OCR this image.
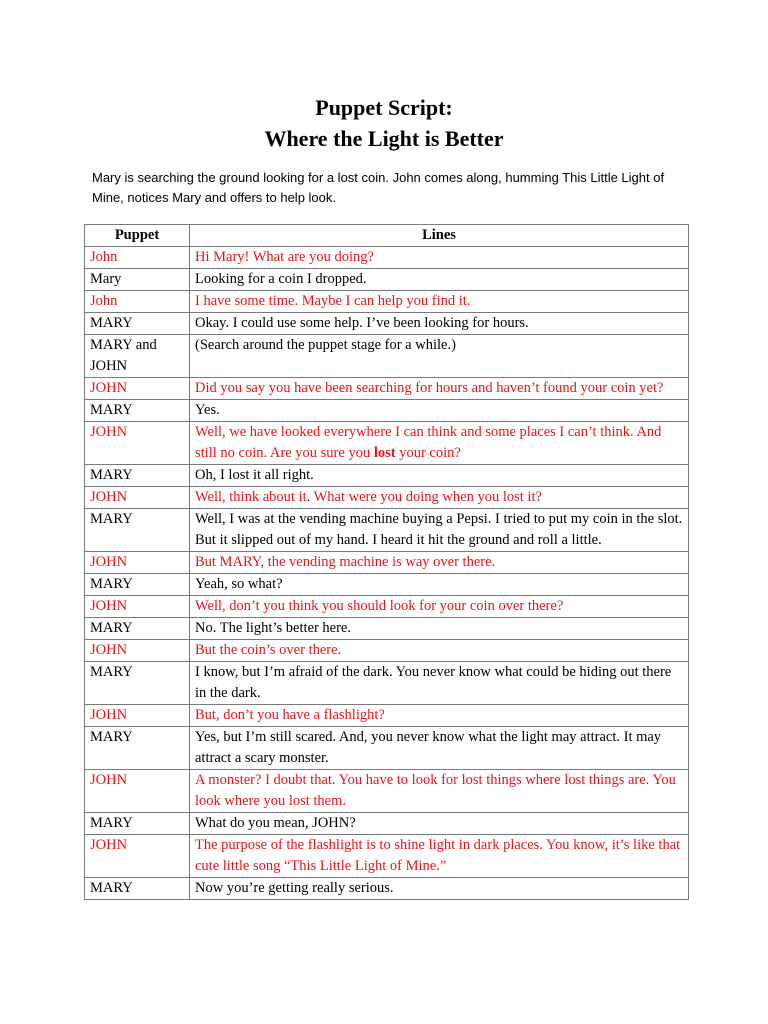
Puppet Script:
Where the Light is Better
Mary is searching the ground looking for a lost coin. John comes along, humming This Little Light of Mine, notices Mary and offers to help look.
Puppet	Lines
John	Hi Mary! What are you doing?
Mary	Looking for a coin I dropped.
John	I have some time. Maybe I can help you find it.
MARY	Okay. I could use some help. I’ve been looking for hours.
MARY and JOHN	(Search around the puppet stage for a while.)
JOHN	Did you say you have been searching for hours and haven’t found your coin yet?
MARY	Yes.
JOHN	Well, we have looked everywhere I can think and some places I can’t think. And still no coin. Are you sure you lost your coin?
MARY	Oh, I lost it all right.
JOHN	Well, think about it. What were you doing when you lost it?
MARY	Well, I was at the vending machine buying a Pepsi. I tried to put my coin in the slot. But it slipped out of my hand. I heard it hit the ground and roll a little.
JOHN	But MARY, the vending machine is way over there.
MARY	Yeah, so what?
JOHN	Well, don’t you think you should look for your coin over there?
MARY	No. The light’s better here.
JOHN	But the coin’s over there.
MARY	I know, but I’m afraid of the dark. You never know what could be hiding out there in the dark.
JOHN	But, don’t you have a flashlight?
MARY	Yes, but I’m still scared. And, you never know what the light may attract. It may attract a scary monster.
JOHN	A monster? I doubt that. You have to look for lost things where lost things are. You look where you lost them.
MARY	What do you mean, JOHN?
JOHN	The purpose of the flashlight is to shine light in dark places. You know, it’s like that cute little song “This Little Light of Mine.”
MARY	Now you’re getting really serious.
